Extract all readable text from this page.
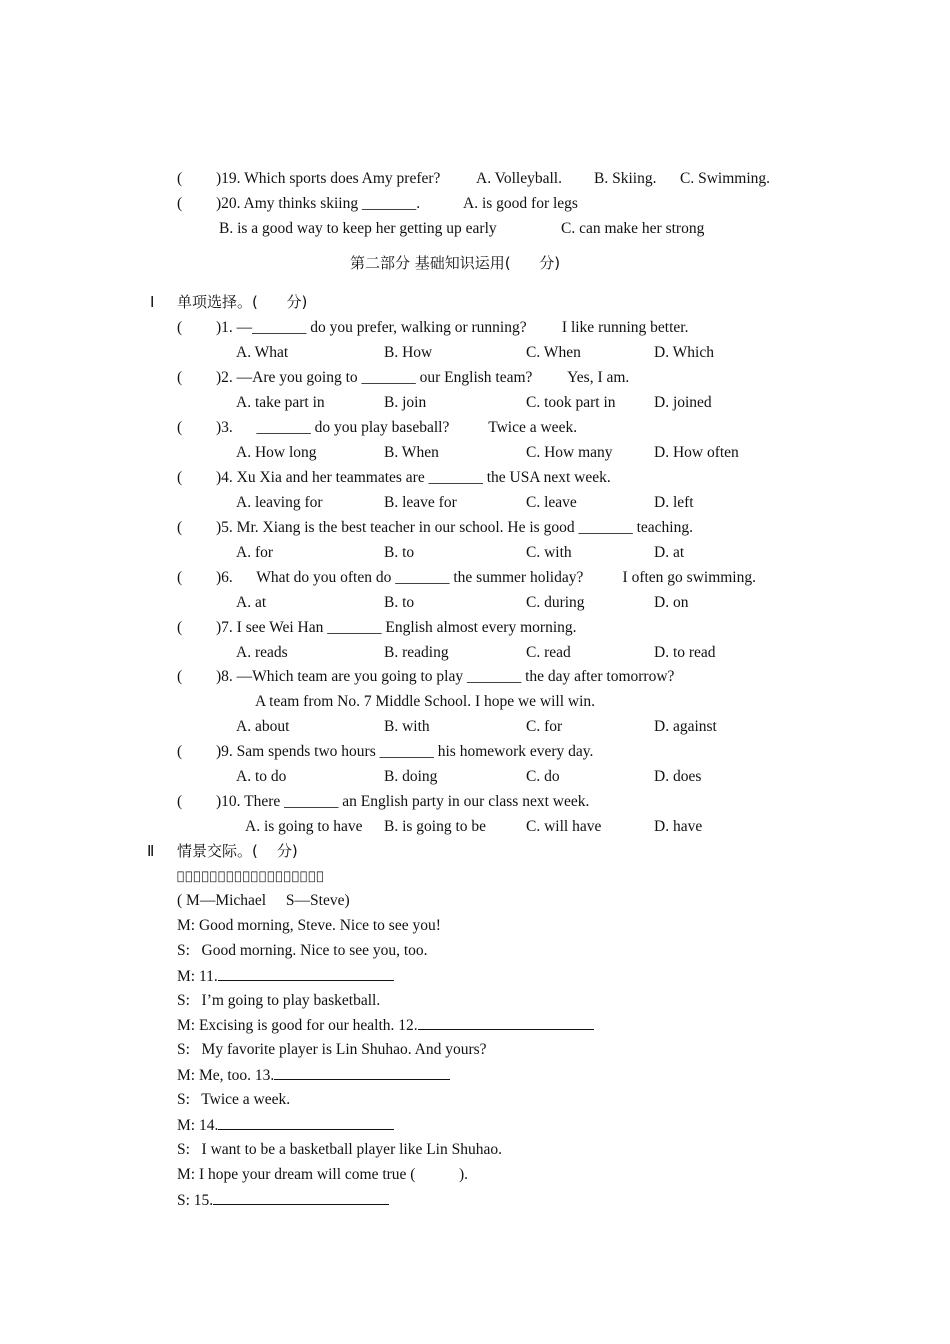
( )19. Which sports does Amy prefer? A. Volleyball. B. Skiing. C. Swimming.
( )20. Amy thinks skiing _______.	A. is good for legs
B. is a good way to keep her getting up early	C. can make her strong
第二部分 基础知识运用(      分)
Ⅰ 单项选择。(      分)
( )1. —_______ do you prefer, walking or running?       I like running better.
A. What	B. How	C. When	D. Which
( )2. —Are you going to _______ our English team?       Yes, I am.
A. take part in	B. join	C. took part in D. joined
( )3.    _______ do you play baseball?        Twice a week.
A. How long	B. When	C. How many	D. How often
( )4. Xu Xia and her teammates are _______ the USA next week.
A. leaving for	B. leave for	C. leave	D. left
( )5. Mr. Xiang is the best teacher in our school. He is good _______ teaching.
A. for	B. to	C. with	D. at
( )6.    What do you often do _______ the summer holiday?        I often go swimming.
A. at	B. to	C. during	D. on
( )7. I see Wei Han _______ English almost every morning.
A. reads	B. reading	C. read	D. to read
( )8. —Which team are you going to play _______ the day after tomorrow?
   A team from No. 7 Middle School. I hope we will win.
A. about	B. with	C. for	D. against
( )9. Sam spends two hours _______ his homework every day.
A. to do	B. doing	C. do	D. does
( )10. There _______ an English party in our class next week.
A. is going to have B. is going to be	C. will have	D. have
Ⅱ 情景交际。(    分)
                  
( M—Michael   S—Steve)
M: Good morning, Steve. Nice to see you!
S:   Good morning. Nice to see you, too.
M: 11.
S:   I’m going to play basketball.
M: Excising is good for our health. 12.
S:   My favorite player is Lin Shuhao. And yours?
M: Me, too. 13.
S:   Twice a week.
M: 14.
S:   I want to be a basketball player like Lin Shuhao.
M: I hope your dream will come true (       ).
S: 15.
